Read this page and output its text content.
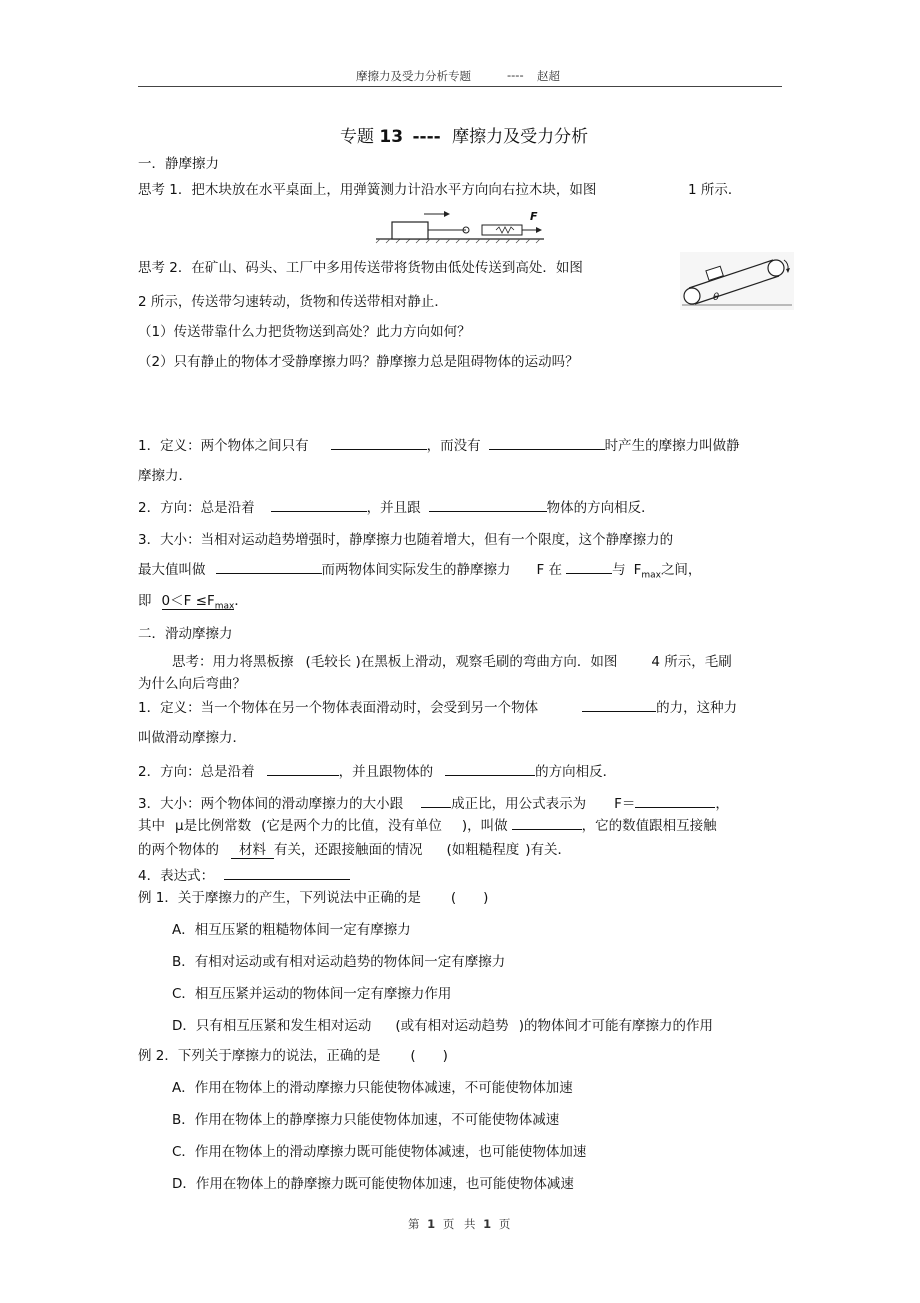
摩擦力及受力分析专题	---- 赵超
专题 13 ---- 摩擦力及受力分析
一．静摩擦力
思考 1．把木块放在水平桌面上，用弹簧测力计沿水平方向向右拉木块，如图	1 所示．
F
思考 2．在矿山、码头、工厂中多用传送带将货物由低处传送到高处．如图
2 所示，传送带匀速转动，货物和传送带相对静止．	θ
（1）传送带靠什么力把货物送到高处？此力方向如何？
（2）只有静止的物体才受静摩擦力吗？静摩擦力总是阻碍物体的运动吗？
1．定义：两个物体之间只有	，而没有	时产生的摩擦力叫做静
摩擦力．
2．方向：总是沿着	，并且跟	物体的方向相反．
3．大小：当相对运动趋势增强时，静摩擦力也随着增大，但有一个限度，这个静摩擦力的
最大值叫做	而两物体间实际发生的静摩擦力 F 在	与 $F_{max}$之间，
即 $0<F \le F_{max}$．
二．滑动摩擦力
思考：用力将黑板擦 (毛较长 )在黑板上滑动，观察毛刷的弯曲方向．如图	4 所示，毛刷
为什么向后弯曲？
1．定义：当一个物体在另一个物体表面滑动时，会受到另一个物体	的力，这种力
叫做滑动摩擦力．
2．方向：总是沿着	，并且跟物体的	的方向相反．
3．大小：两个物体间的滑动摩擦力的大小跟	成正比，用公式表示为 F＝	，
其中 μ是比例常数 (它是两个力的比值，没有单位 )，叫做	，它的数值跟相互接触
的两个物体的 材料 有关，还跟接触面的情况 (如粗糙程度 )有关．
4．表达式：
例 1．关于摩擦力的产生，下列说法中正确的是 (　　)
A．相互压紧的粗糙物体间一定有摩擦力
B．有相对运动或有相对运动趋势的物体间一定有摩擦力
C．相互压紧并运动的物体间一定有摩擦力作用
D．只有相互压紧和发生相对运动 (或有相对运动趋势 )的物体间才可能有摩擦力的作用
例 2．下列关于摩擦力的说法，正确的是 (　　)
A．作用在物体上的滑动摩擦力只能使物体减速，不可能使物体加速
B．作用在物体上的静摩擦力只能使物体加速，不可能使物体减速
C．作用在物体上的滑动摩擦力既可能使物体减速，也可能使物体加速
D．作用在物体上的静摩擦力既可能使物体加速，也可能使物体减速
第 1 页 共 1 页
